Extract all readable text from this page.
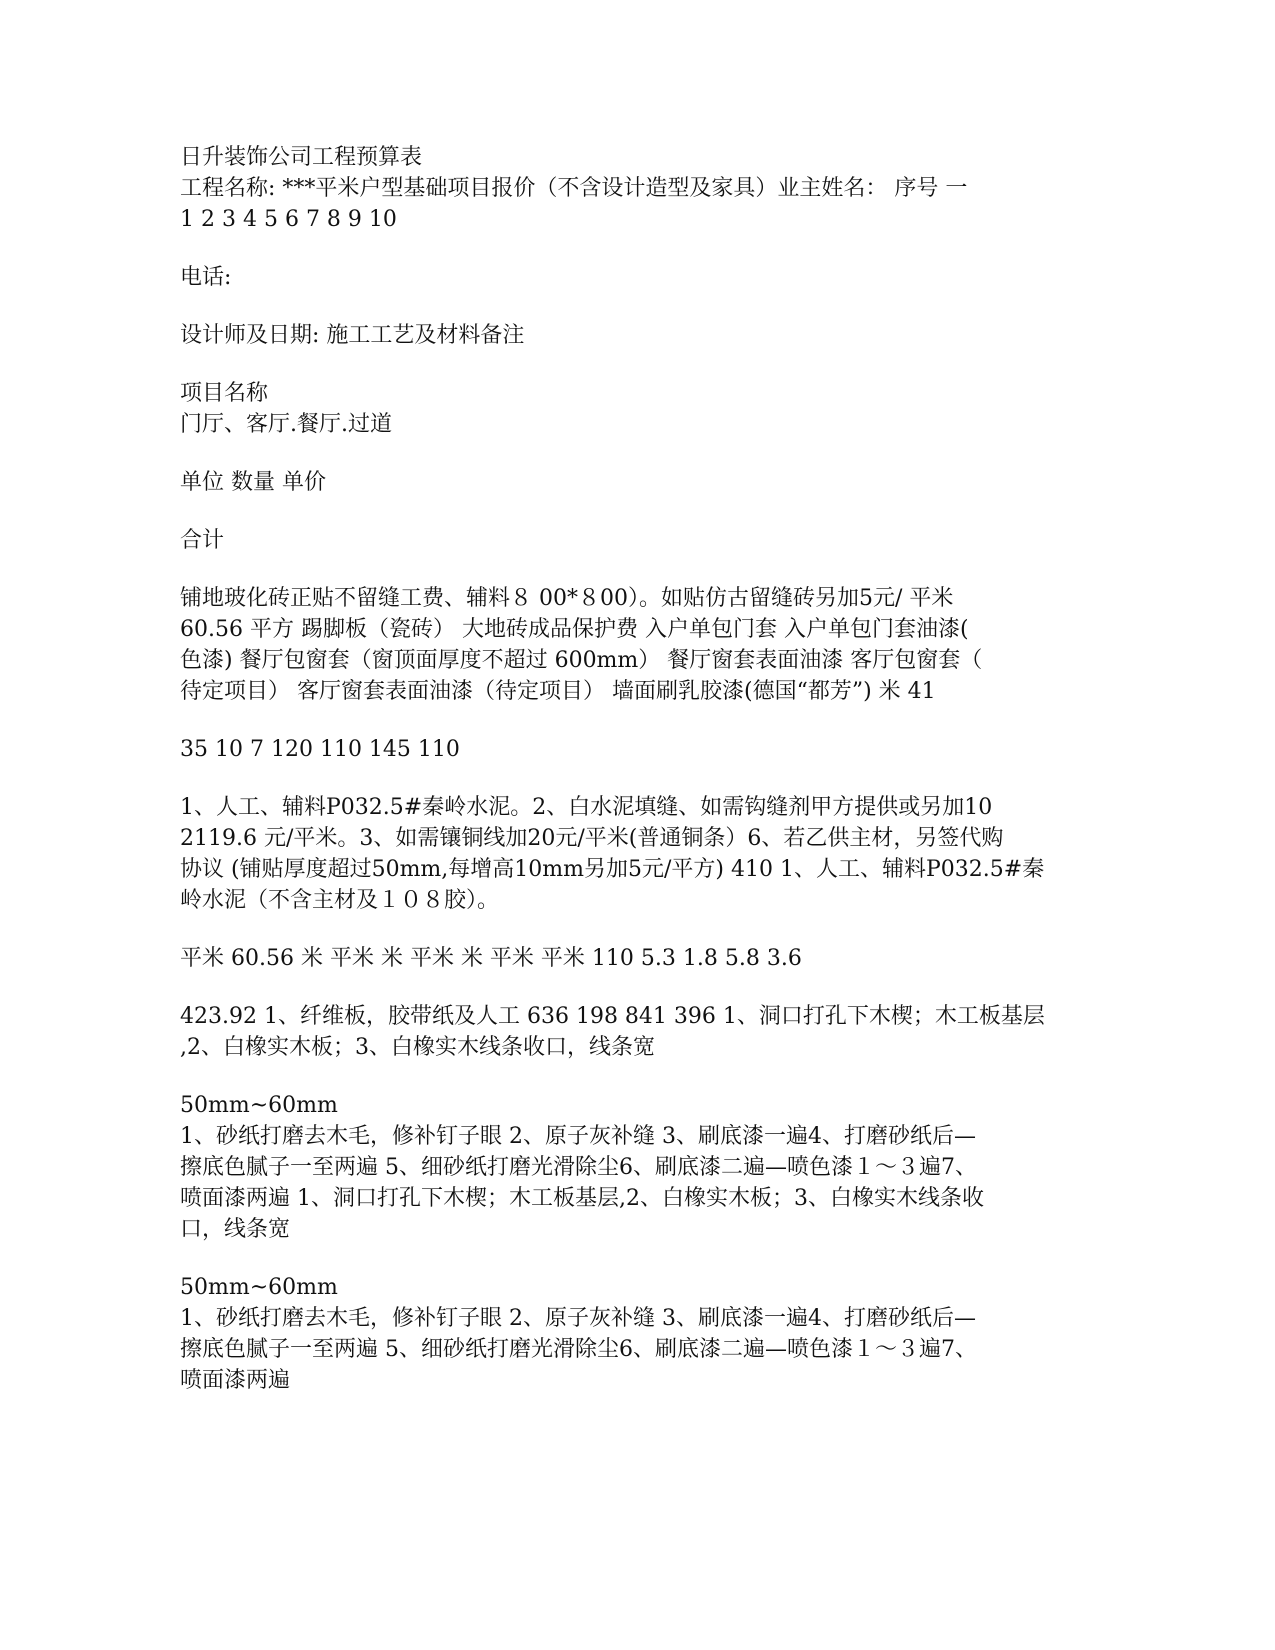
日升装饰公司工程预算表
工程名称: ***平米户型基础项目报价（不含设计造型及家具）业主姓名： 序号 一
1 2 3 4 5 6 7 8 9 10
电话:
设计师及日期: 施工工艺及材料备注
项目名称
门厅、客厅.餐厅.过道
单位 数量 单价
合计
铺地玻化砖正贴不留缝工费、辅料８ 00*８00）。如贴仿古留缝砖另加5元/ 平米
60.56 平方 踢脚板（瓷砖） 大地砖成品保护费 入户单包门套 入户单包门套油漆(
色漆) 餐厅包窗套（窗顶面厚度不超过 600mm） 餐厅窗套表面油漆 客厅包窗套（
待定项目） 客厅窗套表面油漆（待定项目） 墙面刷乳胶漆(德国“都芳”) 米 41
35 10 7 120 110 145 110
1、人工、辅料P032.5#秦岭水泥。2、白水泥填缝、如需钩缝剂甲方提供或另加10
2119.6 元/平米。3、如需镶铜线加20元/平米(普通铜条）6、若乙供主材，另签代购
协议 (铺贴厚度超过50mm,每增高10mm另加5元/平方) 410 1、人工、辅料P032.5#秦
岭水泥（不含主材及１０８胶）。
平米 60.56 米 平米 米 平米 米 平米 平米 110 5.3 1.8 5.8 3.6
423.92 1、纤维板，胶带纸及人工 636 198 841 396 1、洞口打孔下木楔；木工板基层
,2、白橡实木板；3、白橡实木线条收口，线条宽
50mm~60mm
1、砂纸打磨去木毛，修补钉子眼 2、原子灰补缝 3、刷底漆一遍4、打磨砂纸后—
擦底色腻子一至两遍 5、细砂纸打磨光滑除尘6、刷底漆二遍—喷色漆１～３遍7、
喷面漆两遍 1、洞口打孔下木楔；木工板基层,2、白橡实木板；3、白橡实木线条收
口，线条宽
50mm~60mm
1、砂纸打磨去木毛，修补钉子眼 2、原子灰补缝 3、刷底漆一遍4、打磨砂纸后—
擦底色腻子一至两遍 5、细砂纸打磨光滑除尘6、刷底漆二遍—喷色漆１～３遍7、
喷面漆两遍
